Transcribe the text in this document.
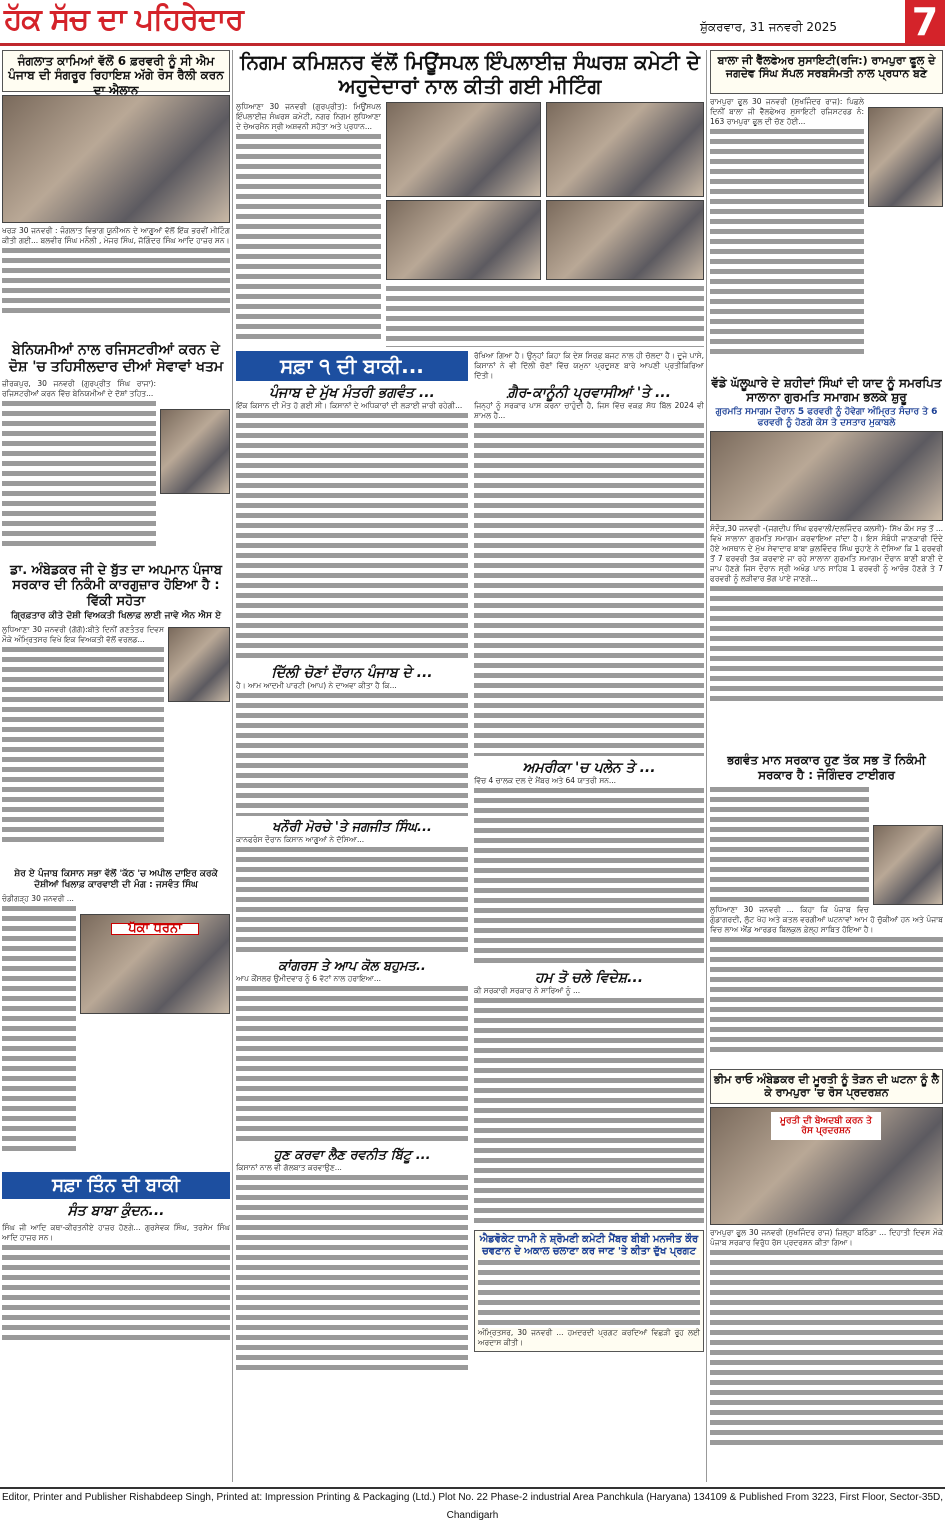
ਹੱਕ ਸੱਚ ਦਾ ਪਹਿਰੇਦਾਰ	ਸ਼ੁੱਕਰਵਾਰ, 31 ਜਨਵਰੀ 2025 7
ਜੰਗਲਾਤ ਕਾਮਿਆਂ ਵੱਲੋਂ 6 ਫ਼ਰਵਰੀ ਨੂੰ ਸੀ ਐਮ ਪੰਜਾਬ ਦੀ ਸੰਗਰੂਰ ਰਿਹਾਇਸ਼ ਅੱਗੇ ਰੋਸ ਰੈਲੀ ਕਰਨ ਦਾ ਐਲਾਨ
ਖਰੜ 30 ਜਨਵਰੀ : ਜੰਗਲਾਤ ਵਿਭਾਗ ਯੂਨੀਅਨ ਦੇ ਆਗੂਆਂ ਵੱਲੋਂ ਇੱਕ ਭਰਵੀਂ ਮੀਟਿੰਗ ਕੀਤੀ ਗਈ... ਬਲਵੀਰ ਸਿੰਘ ਮਨੌਲੀ , ਮੇਜਰ ਸਿੰਘ, ਜੋਗਿੰਦਰ ਸਿੰਘ ਆਦਿ ਹਾਜ਼ਰ ਸਨ।
ਬੇਨਿਯਮੀਆਂ ਨਾਲ ਰਜਿਸਟਰੀਆਂ ਕਰਨ ਦੇ ਦੋਸ਼ 'ਚ ਤਹਿਸੀਲਦਾਰ ਦੀਆਂ ਸੇਵਾਵਾਂ ਖਤਮ
ਜ਼ੀਰਕਪੁਰ, 30 ਜਨਵਰੀ (ਗੁਰਪ੍ਰੀਤ ਸਿੰਘ ਰਾਜਾ): ਰਜਿਸਟਰੀਆਂ ਕਰਨ ਵਿੱਚ ਬੇਨਿਯਮੀਆਂ ਦੇ ਦੋਸ਼ਾਂ ਤਹਿਤ...
ਡਾ. ਅੰਬੇਡਕਰ ਜੀ ਦੇ ਬੁੱਤ ਦਾ ਅਪਮਾਨ ਪੰਜਾਬ ਸਰਕਾਰ ਦੀ ਨਿਕੰਮੀ ਕਾਰਗੁਜ਼ਾਰ ਹੋਇਆ ਹੈ : ਵਿੱਕੀ ਸਹੋਤਾ
ਗ੍ਰਿਫ਼ਤਾਰ ਕੀਤੇ ਦੋਸ਼ੀ ਵਿਅਕਤੀ ਖਿਲਾਫ਼ ਲਾਈ ਜਾਵੇ ਐਨ ਐਸ ਏ
ਲੁਧਿਆਣਾ 30 ਜਨਵਰੀ (ਗੋਗੋ):ਬੀਤੇ ਦਿਨੀਂ ਗਣਤੰਤਰ ਦਿਵਸ ਮੌਕੇ ਅੰਮ੍ਰਿਤਸਰ ਵਿਖੇ ਇਕ ਵਿਅਕਤੀ ਵੱਲੋਂ ਵਰਲਡ...
ਸ਼ੇਰ ਏ ਪੰਜਾਬ ਕਿਸਾਨ ਸਭਾ ਵੱਲੋਂ 'ਕੱਠ 'ਚ ਅਪੀਲ ਦਾਇਰ ਕਰਕੇ ਦੋਸ਼ੀਆਂ ਖਿਲਾਫ਼ ਕਾਰਵਾਈ ਦੀ ਮੰਗ : ਜਸਵੰਤ ਸਿੰਘ
ਪੱਕਾ ਧਰਨਾ
ਚੰਡੀਗੜ੍ਹ 30 ਜਨਵਰੀ ...
ਸਫ਼ਾ ਤਿੰਨ ਦੀ ਬਾਕੀ
ਸੰਤ ਬਾਬਾ ਕੁੰਦਨ...
ਸਿੰਘ ਜੀ ਆਦਿ ਕਥਾ-ਕੀਰਤਨੀਏ ਹਾਜ਼ਰ ਹੋਣਗੇ... ਗੁਰਸੇਵਕ ਸਿੰਘ, ਤਰਸੇਮ ਸਿੰਘ ਆਦਿ ਹਾਜ਼ਰ ਸਨ।
ਨਿਗਮ ਕਮਿਸ਼ਨਰ ਵੱਲੋਂ ਮਿਊਂਸਪਲ ਇੰਪਲਾਈਜ਼ ਸੰਘਰਸ਼ ਕਮੇਟੀ ਦੇ ਅਹੁਦੇਦਾਰਾਂ ਨਾਲ ਕੀਤੀ ਗਈ ਮੀਟਿੰਗ
ਲੁਧਿਆਣਾ 30 ਜਨਵਰੀ (ਗੁਰਪ੍ਰੀਤ): ਮਿਊਂਸਪਲ ਇੰਪਲਾਈਜ਼ ਸੰਘਰਸ਼ ਕਮੇਟੀ, ਨਗਰ ਨਿਗਮ ਲੁਧਿਆਣਾ ਦੇ ਚੇਅਰਮੈਨ ਸ੍ਰੀ ਅਸ਼ਵਨੀ ਸਹੋਤਾ ਅਤੇ ਪ੍ਰਧਾਨ...
ਸਫ਼ਾ ੧ ਦੀ ਬਾਕੀ...
ਪੰਜਾਬ ਦੇ ਮੁੱਖ ਮੰਤਰੀ ਭਗਵੰਤ ...
ਇੱਕ ਕਿਸਾਨ ਦੀ ਮੌਤ ਹੋ ਗਈ ਸੀ। ਕਿਸਾਨਾਂ ਦੇ ਅਧਿਕਾਰਾਂ ਦੀ ਲੜਾਈ ਜਾਰੀ ਰਹੇਗੀ...
ਦਿੱਲੀ ਚੋਣਾਂ ਦੌਰਾਨ ਪੰਜਾਬ ਦੇ ...
ਹੈ। ਆਮ ਆਦਮੀ ਪਾਰਟੀ (ਆਪ) ਨੇ ਦਾਅਵਾ ਕੀਤਾ ਹੈ ਕਿ...
ਖਨੌਰੀ ਮੋਰਚੇ 'ਤੇ ਜਗਜੀਤ ਸਿੰਘ...
ਕਾਨਫਰੰਸ ਦੌਰਾਨ ਕਿਸਾਨ ਆਗੂਆਂ ਨੇ ਦੱਸਿਆ...
ਕਾਂਗਰਸ ਤੇ ਆਪ ਕੋਲ ਬਹੁਮਤ..
ਆਪ ਕੌਂਸਲਰ ਉਮੀਦਵਾਰ ਨੂੰ 6 ਵੋਟਾਂ ਨਾਲ ਹਰਾਇਆ...
ਹੁਣ ਕਰਵਾ ਲੈਣ ਰਵਨੀਤ ਬਿੱਟੂ ...
ਕਿਸਾਨਾਂ ਨਾਲ ਵੀ ਗੱਲਬਾਤ ਕਰਵਾਉਣ...
ਰੱਖਿਆ ਗਿਆ ਹੈ। ਉਨ੍ਹਾਂ ਕਿਹਾ ਕਿ ਦੇਸ਼ ਸਿਰਫ਼ ਬਜਟ ਨਾਲ ਹੀ ਚੱਲਦਾ ਹੈ। ਦੂਜੇ ਪਾਸੇ, ਕਿਸਾਨਾਂ ਨੇ ਵੀ ਦਿੱਲੀ ਚੋਣਾਂ ਵਿੱਚ ਯਮੁਨਾ ਪ੍ਰਦੂਸ਼ਣ ਬਾਰੇ ਆਪਣੀ ਪ੍ਰਤੀਕਿਰਿਆ ਦਿੱਤੀ।
ਗ਼ੈਰ-ਕਾਨੂੰਨੀ ਪ੍ਰਵਾਸੀਆਂ 'ਤੇ ...
ਜਿਨ੍ਹਾਂ ਨੂੰ ਸਰਕਾਰ ਪਾਸ ਕਰਨਾ ਚਾਹੁੰਦੀ ਹੈ, ਜਿਸ ਵਿੱਚ ਵਕਫ਼ ਸੋਧ ਬਿੱਲ 2024 ਵੀ ਸ਼ਾਮਲ ਹੈ...
ਅਮਰੀਕਾ 'ਚ ਪਲੇਨ ਤੇ ...
ਵਿੱਚ 4 ਚਾਲਕ ਦਲ ਦੇ ਮੈਂਬਰ ਅਤੇ 64 ਯਾਤਰੀ ਸਨ...
ਹਮ ਤੋ ਚਲੇ ਵਿਦੇਸ਼...
ਕੀ ਸਰਕਾਰੀ ਸਰਕਾਰ ਨੇ ਸਾਰਿਆਂ ਨੂੰ ...
ਐਡਵੋਕੇਟ ਧਾਮੀ ਨੇ ਸ਼੍ਰੋਮਣੀ ਕਮੇਟੀ ਮੈਂਬਰ ਬੀਬੀ ਮਨਜੀਤ ਕੌਰ ਚਵਣਾਨ ਦੇ ਅਕਾਲ ਚਲਾਣਾ ਕਰ ਜਾਣ 'ਤੇ ਕੀਤਾ ਦੁੱਖ ਪ੍ਰਗਟ
ਅੰਮ੍ਰਿਤਸਰ, 30 ਜਨਵਰੀ ... ਹਮਦਰਦੀ ਪ੍ਰਗਟ ਕਰਦਿਆਂ ਵਿਛੜੀ ਰੂਹ ਲਈ ਅਰਦਾਸ ਕੀਤੀ।
ਬਾਲਾ ਜੀ ਵੈੱਲਫੇਅਰ ਸੁਸਾਇਟੀ(ਰਜਿ:) ਰਾਮਪੁਰਾ ਫੂਲ ਦੇ ਜਗਦੇਵ ਸਿੰਘ ਸੱਪਲ ਸਰਬਸੰਮਤੀ ਨਾਲ ਪ੍ਰਧਾਨ ਬਣੇ
ਰਾਮਪੁਰਾ ਫੂਲ 30 ਜਨਵਰੀ (ਸੁਖਜਿੰਦਰ ਰਾਜ): ਪਿਛਲੇ ਦਿਨੀਂ ਬਾਲਾ ਜੀ ਵੈੱਲਫੇਅਰ ਸੁਸਾਇਟੀ ਰਜਿਸਟਰਡ ਨੰ: 163 ਰਾਮਪੁਰਾ ਫੂਲ ਦੀ ਚੋਣ ਹੋਈ...
ਵੱਡੇ ਘੱਲੂਘਾਰੇ ਦੇ ਸ਼ਹੀਦਾਂ ਸਿੰਘਾਂ ਦੀ ਯਾਦ ਨੂੰ ਸਮਰਪਿਤ ਸਾਲਾਨਾ ਗੁਰਮਤਿ ਸਮਾਗਮ ਭਲਕੇ ਸ਼ੁਰੂ
ਗੁਰਮਤਿ ਸਮਾਗਮ ਦੌਰਾਨ 5 ਫਰਵਰੀ ਨੂੰ ਹੋਵੇਗਾ ਅੰਮ੍ਰਿਤ ਸੰਚਾਰ ਤੇ 6 ਫਰਵਰੀ ਨੂੰ ਹੋਣਗੇ ਕੇਸ ਤੇ ਦਸਤਾਰ ਮੁਕਾਬਲੇ
ਸੰਦੌੜ,30 ਜਨਵਰੀ -(ਜਗਦੀਪ ਸਿੰਘ ਫਰਵਾਲੀ/ਦਲਜਿੰਦਰ ਕਲਸੀ)- ਸਿੱਖ ਕੌਮ ਸਭ ਤੋਂ ... ਵਿਖੇ ਸਾਲਾਨਾ ਗੁਰਮਤਿ ਸਮਾਗਮ ਕਰਵਾਇਆ ਜਾਂਦਾ ਹੈ। ਇਸ ਸੰਬੰਧੀ ਜਾਣਕਾਰੀ ਦਿੰਦੇ ਹੋਏ ਅਸਥਾਨ ਦੇ ਮੁੱਖ ਸੇਵਾਦਾਰ ਬਾਬਾ ਕੁਲਵਿੰਦਰ ਸਿੰਘ ਚੂਹਾਣੇ ਨੇ ਦੱਸਿਆ ਕਿ 1 ਫਰਵਰੀ ਤੋਂ 7 ਫਰਵਰੀ ਤੱਕ ਕਰਵਾਏ ਜਾ ਰਹੇ ਸਾਲਾਨਾ ਗੁਰਮਤਿ ਸਮਾਗਮ ਦੌਰਾਨ ਬਾਣੀ ਬਾਣੀ ਦੇ ਜਾਪ ਹੋਣਗੇ ਜਿਸ ਦੌਰਾਨ ਸ੍ਰੀ ਅਖੰਡ ਪਾਠ ਸਾਹਿਬ 1 ਫਰਵਰੀ ਨੂੰ ਆਰੰਭ ਹੋਣਗੇ ਤੇ 7 ਫਰਵਰੀ ਨੂੰ ਲੜੀਵਾਰ ਭੋਗ ਪਾਏ ਜਾਣਗੇ...
ਭਗਵੰਤ ਮਾਨ ਸਰਕਾਰ ਹੁਣ ਤੱਕ ਸਭ ਤੋਂ ਨਿਕੰਮੀ ਸਰਕਾਰ ਹੈ : ਜੋਗਿੰਦਰ ਟਾਈਗਰ
ਲੁਧਿਆਣਾ 30 ਜਨਵਰੀ ... ਕਿਹਾ ਕਿ ਪੰਜਾਬ ਵਿਚ ਗੁੰਡਾਗਰਦੀ, ਲੁੱਟ ਖੋਹ ਅਤੇ ਕਤਲ ਵਰਗੀਆਂ ਘਟਨਾਵਾਂ ਆਮ ਹੋ ਚੁੱਕੀਆਂ ਹਨ ਅਤੇ ਪੰਜਾਬ ਵਿਚ ਲਾਅ ਐਂਡ ਆਰਡਰ ਬਿਲਕੁਲ ਫ਼ੇਲ੍ਹ ਸਾਬਿਤ ਹੋਇਆ ਹੈ।
ਭੀਮ ਰਾਓ ਅੰਬੇਡਕਰ ਦੀ ਮੂਰਤੀ ਨੂੰ ਤੋੜਨ ਦੀ ਘਟਨਾ ਨੂੰ ਲੈ ਕੇ ਰਾਮਪੁਰਾ 'ਚ ਰੋਸ ਪ੍ਰਦਰਸ਼ਨ
ਮੂਰਤੀ ਦੀ ਬੇਅਦਬੀ ਕਰਨ ਤੇ ਰੋਸ ਪ੍ਰਦਰਸ਼ਨ
ਰਾਮਪੁਰਾ ਫੂਲ 30 ਜਨਵਰੀ (ਸੁਖਜਿੰਦਰ ਰਾਜ) ਜ਼ਿਲ੍ਹਾ ਬਠਿੰਡਾ ... ਦਿਹਾਤੀ ਦਿਵਸ ਮੌਕੇ ਪੰਜਾਬ ਸਰਕਾਰ ਵਿਰੁੱਧ ਰੋਸ ਪ੍ਰਦਰਸ਼ਨ ਕੀਤਾ ਗਿਆ।
Editor, Printer and Publisher Rishabdeep Singh, Printed at: Impression Printing & Packaging (Ltd.) Plot No. 22 Phase-2 industrial Area Panchkula (Haryana) 134109 & Published From 3223, First Floor, Sector-35D, Chandigarh
